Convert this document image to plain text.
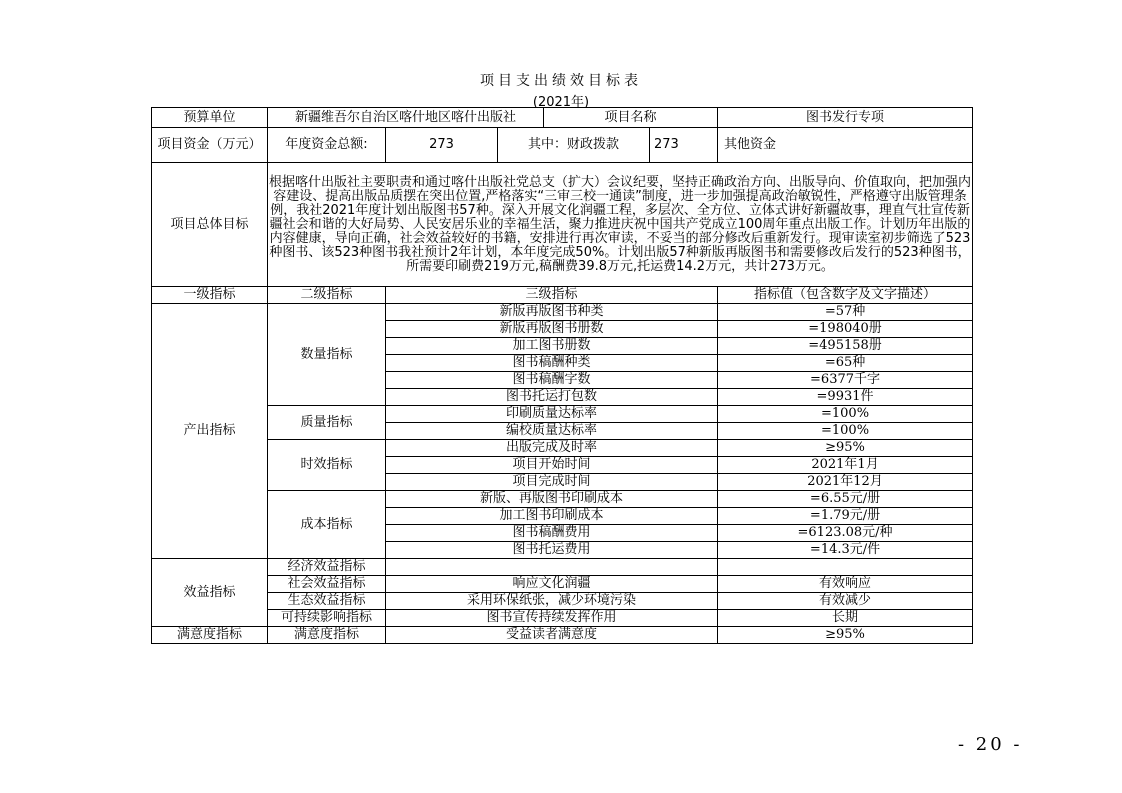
项目支出绩效目标表
(2021年)
预算单位	新疆维吾尔自治区喀什地区喀什出版社			项目名称		图书发行专项
项目资金（万元）	年度资金总额:	273	其中：财政拨款		273	其他资金
项目总体目标	根据喀什出版社主要职责和通过喀什出版社党总支（扩大）会议纪要，坚持正确政治方向、出版导向、价值取向，把加强内容建设、提高出版品质摆在突出位置,严格落实“三审三校一通读”制度，进一步加强提高政治敏锐性，严格遵守出版管理条例，我社2021年度计划出版图书57种。深入开展文化润疆工程，多层次、全方位、立体式讲好新疆故事，理直气壮宣传新疆社会和谐的大好局势、人民安居乐业的幸福生活，聚力推进庆祝中国共产党成立100周年重点出版工作。计划历年出版的内容健康，导向正确，社会效益较好的书籍，安排进行再次审读，不妥当的部分修改后重新发行。现审读室初步筛选了523种图书、该523种图书我社预计2年计划，本年度完成50%。计划出版57种新版再版图书和需要修改后发行的523种图书，所需要印刷费219万元,稿酬费39.8万元,托运费14.2万元，共计273万元。					
一级指标	二级指标	三级指标				指标值（包含数字及文字描述）
产出指标	数量指标	新版再版图书种类				=57种
		新版再版图书册数				=198040册
		加工图书册数				=495158册
		图书稿酬种类				=65种
		图书稿酬字数				=6377千字
		图书托运打包数				=9931件
	质量指标	印刷质量达标率				=100%
		编校质量达标率				=100%
	时效指标	出版完成及时率				≥95%
		项目开始时间				2021年1月
		项目完成时间				2021年12月
	成本指标	新版、再版图书印刷成本				=6.55元/册
		加工图书印刷成本				=1.79元/册
		图书稿酬费用				=6123.08元/种
		图书托运费用				=14.3元/件
效益指标	经济效益指标					
	社会效益指标	响应文化润疆				有效响应
	生态效益指标	采用环保纸张，减少环境污染				有效减少
	可持续影响指标	图书宣传持续发挥作用				长期
满意度指标	满意度指标	受益读者满意度				≥95%
- 20 -
